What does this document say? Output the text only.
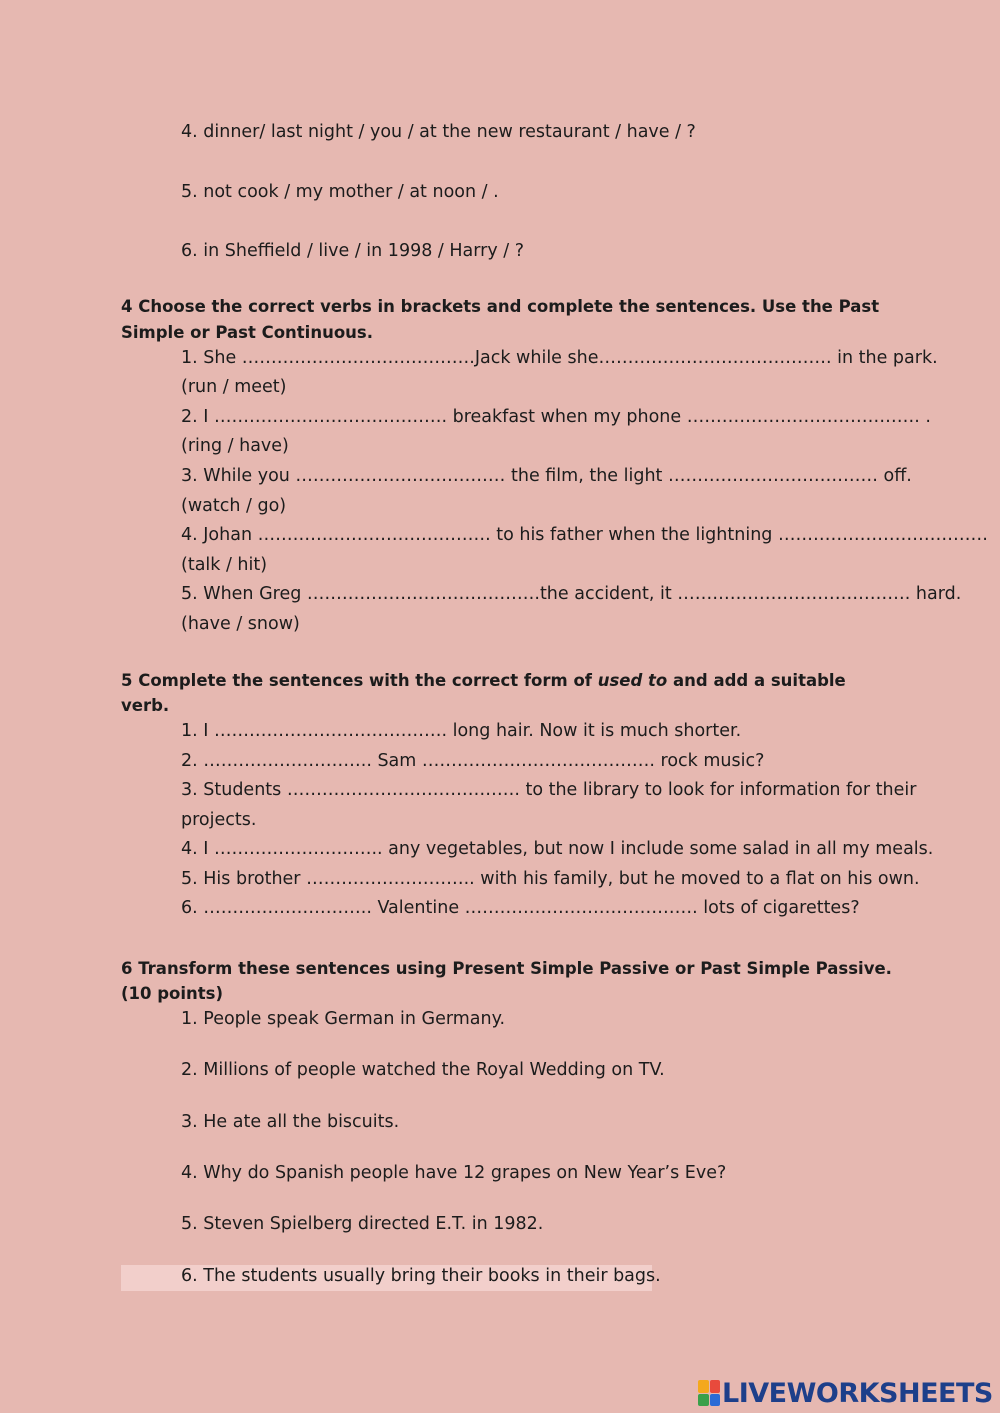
4. dinner/ last night / you / at the new restaurant / have / ?
5. not cook / my mother / at noon / .
6. in Sheffield / live / in 1998 / Harry / ?
4 Choose the correct verbs in brackets and complete the sentences. Use the Past
Simple or Past Continuous.
1. She ………………………………….Jack while she…………………………………. in the park.
(run / meet)
2. I …………………………………. breakfast when my phone …………………………………. .
(ring / have)
3. While you ……………………………… the film, the light ……………………………… off.
(watch / go)
4. Johan …………………………………. to his father when the lightning ………………………………
(talk / hit)
5. When Greg ………………………………….the accident, it …………………………………. hard.
(have / snow)
5 Complete the sentences with the correct form of used to and add a suitable
verb.
1. I …………………………………. long hair. Now it is much shorter.
2. ……………………….. Sam …………………………………. rock music?
3. Students …………………………………. to the library to look for information for their
projects.
4. I ……………………….. any vegetables, but now I include some salad in all my meals.
5. His brother ……………………….. with his family, but he moved to a flat on his own.
6. ……………………….. Valentine …………………………………. lots of cigarettes?
6 Transform these sentences using Present Simple Passive or Past Simple Passive.
(10 points)
1. People speak German in Germany.
2. Millions of people watched the Royal Wedding on TV.
3. He ate all the biscuits.
4. Why do Spanish people have 12 grapes on New Year’s Eve?
5. Steven Spielberg directed E.T. in 1982.
6. The students usually bring their books in their bags.
LIVEWORKSHEETS
